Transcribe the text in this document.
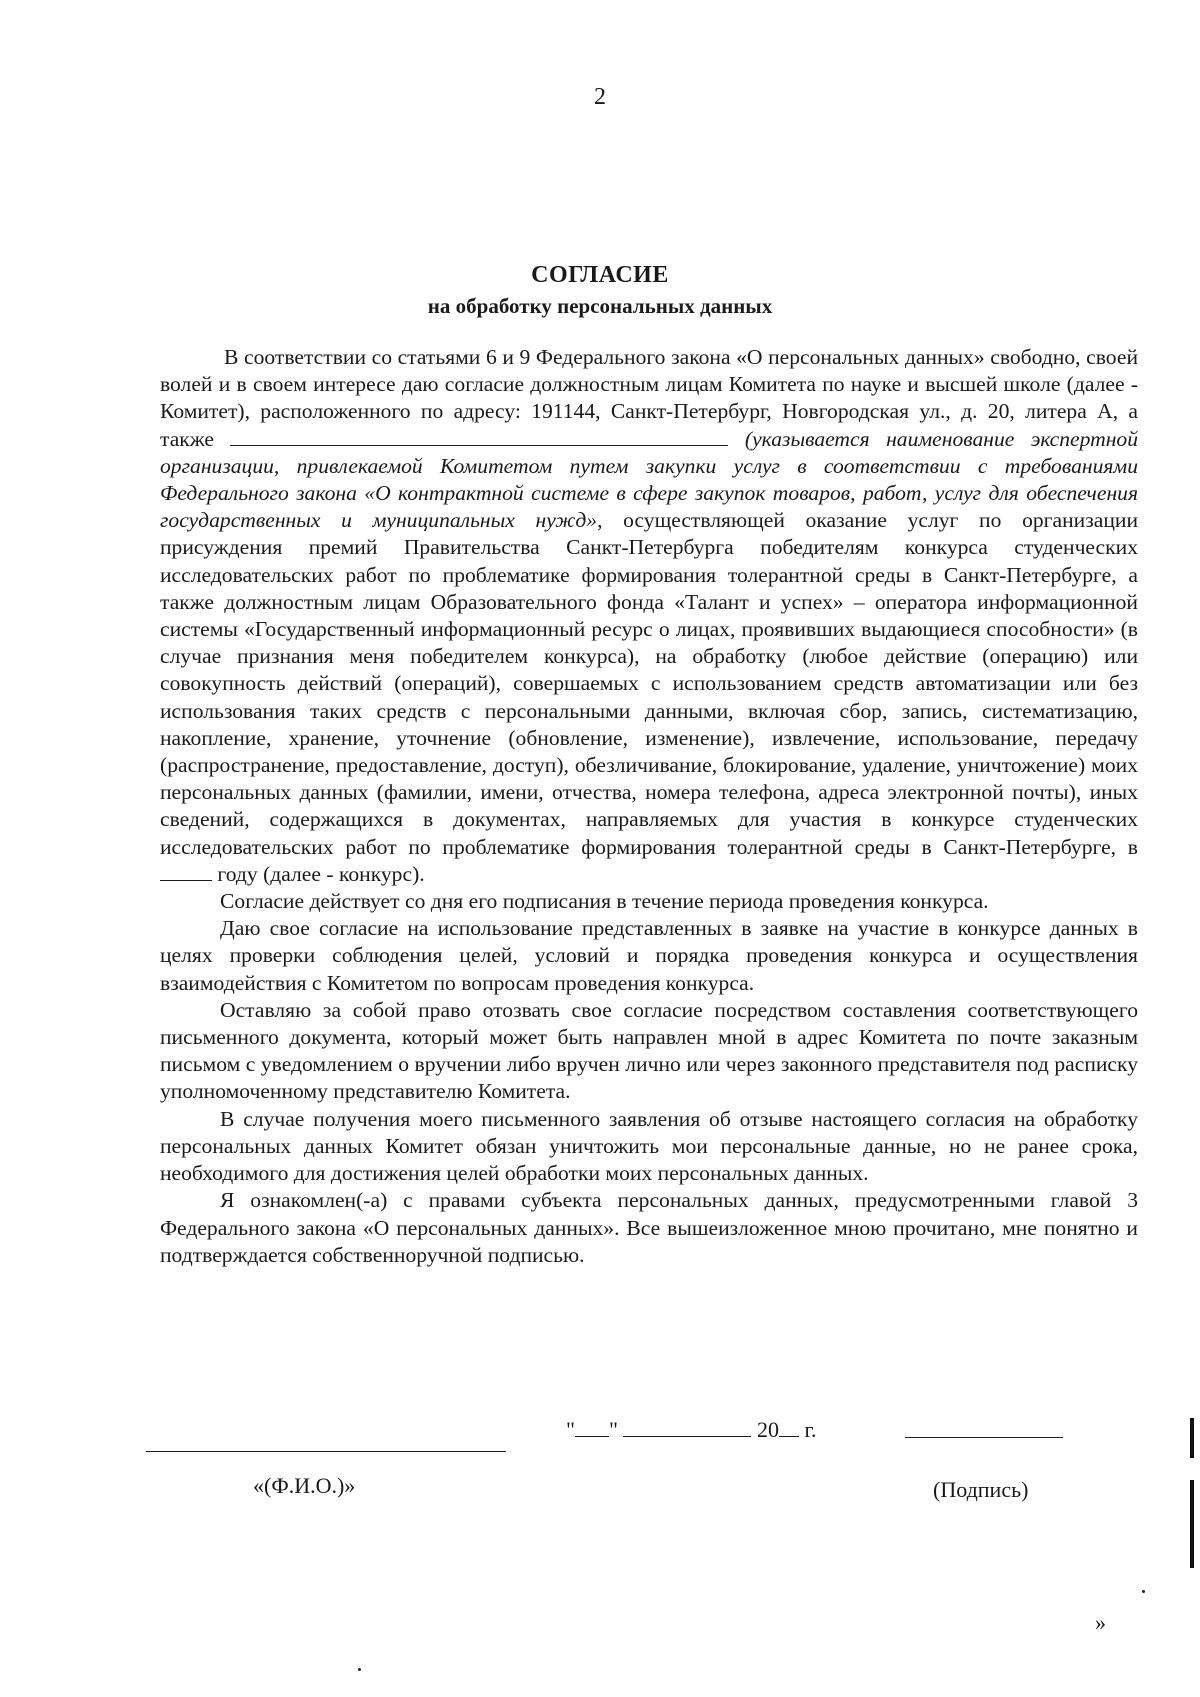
2
СОГЛАСИЕ
на обработку персональных данных

В соответствии со статьями 6 и 9 Федерального закона «О персональных данных» свободно, своей волей и в своем интересе даю согласие должностным лицам Комитета по науке и высшей школе (далее - Комитет), расположенного по адресу: 191144, Санкт-Петербург, Новгородская ул., д. 20, литера А, а также	(указывается наименование экспертной организации, привлекаемой Комитетом путем закупки услуг в соответствии с требованиями Федерального закона «О контрактной системе в сфере закупок товаров, работ, услуг для обеспечения государственных и муниципальных нужд», осуществляющей оказание услуг по организации присуждения премий Правительства Санкт-Петербурга победителям конкурса студенческих исследовательских работ по проблематике формирования толерантной среды в Санкт-Петербурге, а также должностным лицам Образовательного фонда «Талант и успех» – оператора информационной системы «Государственный информационный ресурс о лицах, проявивших выдающиеся способности» (в случае признания меня победителем конкурса), на обработку (любое действие (операцию) или совокупность действий (операций), совершаемых с использованием средств автоматизации или без использования таких средств с персональными данными, включая сбор, запись, систематизацию, накопление, хранение, уточнение (обновление, изменение), извлечение, использование, передачу (распространение, предоставление, доступ), обезличивание, блокирование, удаление, уничтожение) моих персональных данных (фамилии, имени, отчества, номера телефона, адреса электронной почты), иных сведений, содержащихся в документах, направляемых для участия в конкурсе студенческих исследовательских работ по проблематике формирования толерантной среды в Санкт-Петербурге, в  году (далее - конкурс).

Согласие действует со дня его подписания в течение периода проведения конкурса.

Даю свое согласие на использование представленных в заявке на участие в конкурсе данных в целях проверки соблюдения целей, условий и порядка проведения конкурса и осуществления взаимодействия с Комитетом по вопросам проведения конкурса.

Оставляю за собой право отозвать свое согласие посредством составления соответствующего письменного документа, который может быть направлен мной в адрес Комитета по почте заказным письмом с уведомлением о вручении либо вручен лично или через законного представителя под расписку уполномоченному представителю Комитета.

В случае получения моего письменного заявления об отзыве настоящего согласия на обработку персональных данных Комитет обязан уничтожить мои персональные данные, но не ранее срока, необходимого для достижения целей обработки моих персональных данных.

Я ознакомлен(-а) с правами субъекта персональных данных, предусмотренными главой 3 Федерального закона «О персональных данных». Все вышеизложенное мною прочитано, мне понятно и подтверждается собственноручной подписью.

" "	20 г.
«(Ф.И.О.)»	(Подпись)
»
